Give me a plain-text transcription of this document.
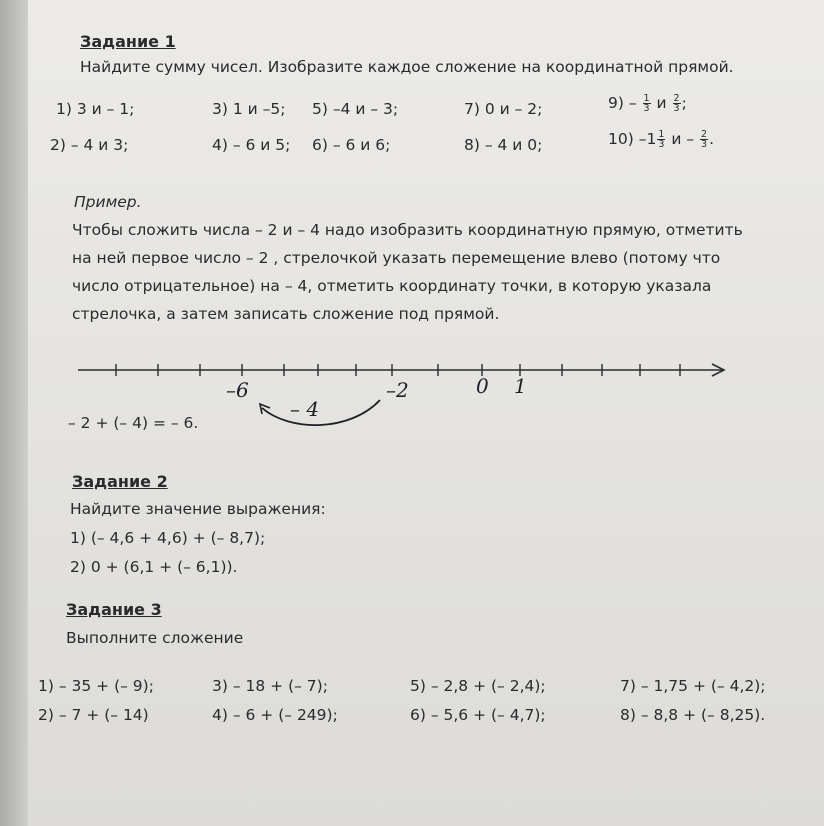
Задание 1
Найдите сумму чисел. Изобразите каждое сложение на координатной прямой.
1) 3 и – 1;	3) 1 и –5; 5) –4 и – 3;	7) 0 и – 2;	$9) - \frac{1}{3}$ и $\frac{2}{3}$ ;
2) – 4 и 3;	4) – 6 и 5; 6) – 6 и 6;	8) – 4 и 0;	10) $-1 \frac{1}{3}$ и – $\frac{2}{3}$ .
Пример.
Чтобы сложить числа – 2 и – 4 надо изобразить координатную прямую, отметить
на ней первое число – 2 , стрелочкой указать перемещение влево (потому что
число отрицательное) на – 4, отметить координату точки, в которую указала
стрелочка, а затем записать сложение под прямой.
–6
– 4
–2	0 1
– 2 + (– 4) = – 6.
Задание 2
Найдите значение выражения:
1) (– 4,6 + 4,6) + (– 8,7);
2) 0 + (6,1 + (– 6,1)).
Задание 3
Выполните сложение
1) – 35 + (– 9);	3) – 18 + (– 7);	5) – 2,8 + (– 2,4);	7) – 1,75 + (– 4,2);
2) – 7 + (– 14)	4) – 6 + (– 249);	6) – 5,6 + (– 4,7);	8) – 8,8 + (– 8,25).
